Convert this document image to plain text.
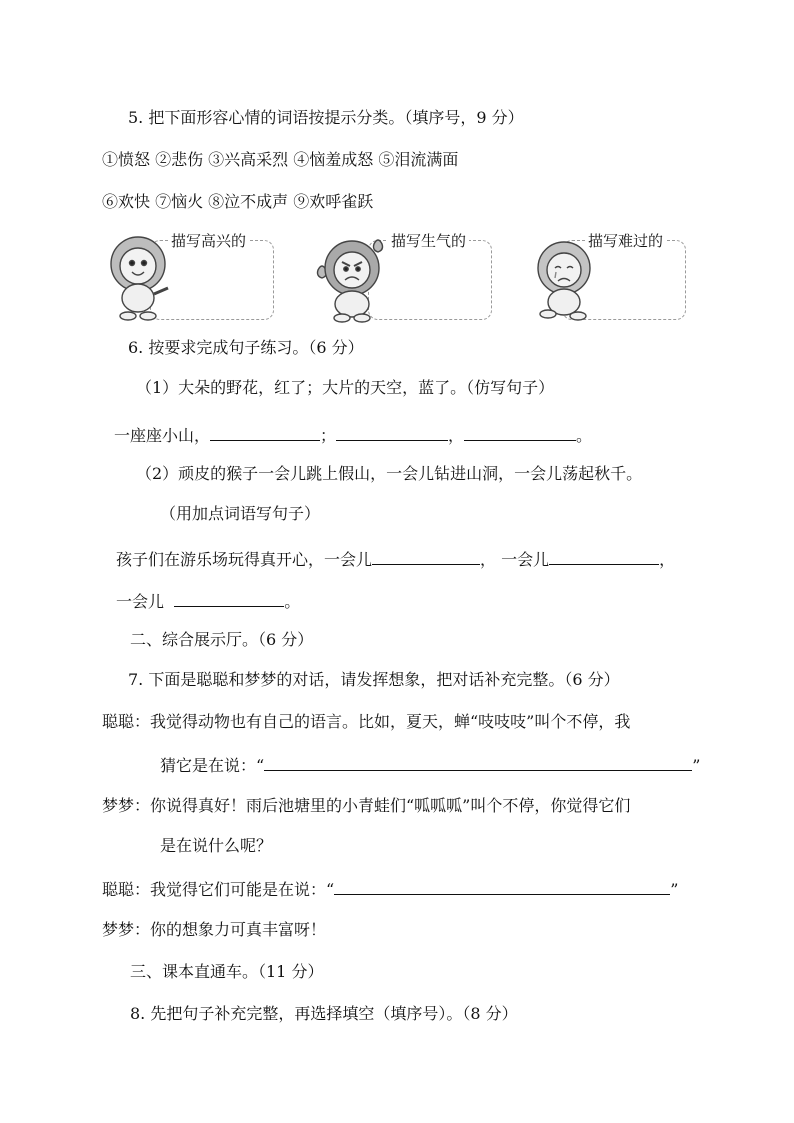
5. 把下面形容心情的词语按提示分类。（填序号，9 分）
①愤怒 ②悲伤 ③兴高采烈 ④恼羞成怒 ⑤泪流满面
⑥欢快 ⑦恼火 ⑧泣不成声 ⑨欢呼雀跃
描写高兴的	描写生气的	描写难过的
6. 按要求完成句子练习。（6 分）
（1）大朵的野花，红了；大片的天空，蓝了。（仿写句子）
一座座小山，	；	，	。
（2）顽皮的猴子一会儿跳上假山，一会儿钻进山洞，一会儿荡起秋千。
（用加点词语写句子）
孩子们在游乐场玩得真开心，一会儿	， 一会儿	，
一会儿	。
二、综合展示厅。（6 分）
7. 下面是聪聪和梦梦的对话，请发挥想象，把对话补充完整。（6 分）
聪聪：我觉得动物也有自己的语言。比如，夏天，蝉“吱吱吱”叫个不停，我
猜它是在说：“	”
梦梦：你说得真好！雨后池塘里的小青蛙们“呱呱呱”叫个不停，你觉得它们
是在说什么呢？
聪聪：我觉得它们可能是在说：“	”
梦梦：你的想象力可真丰富呀！
三、课本直通车。（11 分）
8. 先把句子补充完整，再选择填空（填序号）。（8 分）
